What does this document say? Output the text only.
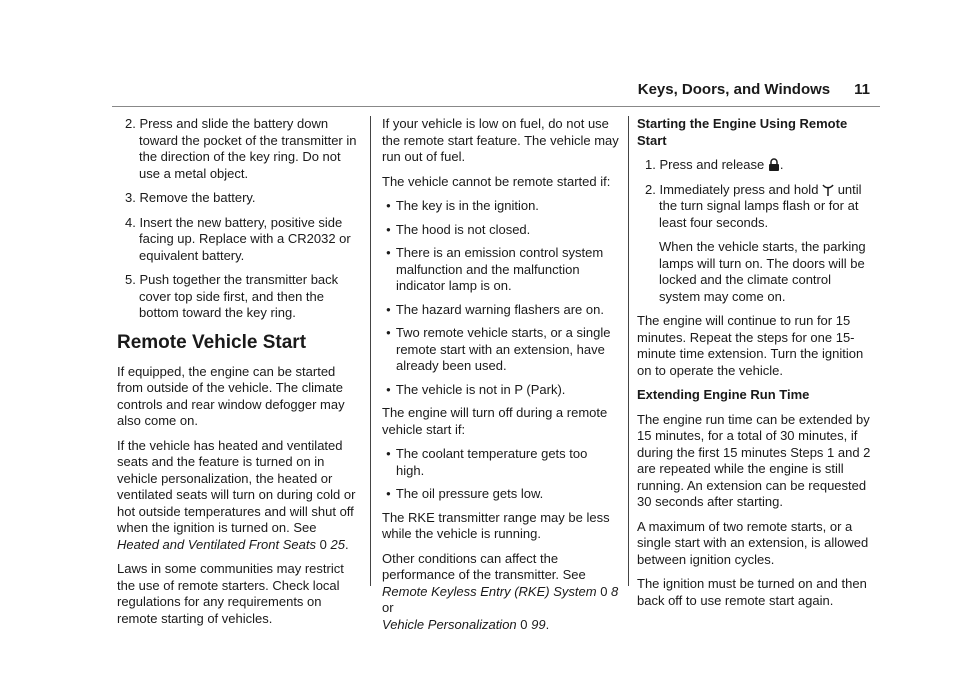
Keys, Doors, and Windows 11

2. Press and slide the battery down toward the pocket of the transmitter in the direction of the key ring. Do not use a metal object.

3. Remove the battery.

4. Insert the new battery, positive side facing up. Replace with a CR2032 or equivalent battery.

5. Push together the transmitter back cover top side first, and then the bottom toward the key ring.

Remote Vehicle Start

If equipped, the engine can be started from outside of the vehicle. The climate controls and rear window defogger may also come on.

If the vehicle has heated and ventilated seats and the feature is turned on in vehicle personalization, the heated or ventilated seats will turn on during cold or hot outside temperatures and will shut off when the ignition is turned on. See Heated and Ventilated Front Seats 0 25.

Laws in some communities may restrict the use of remote starters. Check local regulations for any requirements on remote starting of vehicles.

If your vehicle is low on fuel, do not use the remote start feature. The vehicle may run out of fuel.

The vehicle cannot be remote started if:

● The key is in the ignition.

● The hood is not closed.

● There is an emission control system malfunction and the malfunction indicator lamp is on.

● The hazard warning flashers are on.

● Two remote vehicle starts, or a single remote start with an extension, have already been used.

● The vehicle is not in P (Park).

The engine will turn off during a remote vehicle start if:

● The coolant temperature gets too high.

● The oil pressure gets low.

The RKE transmitter range may be less while the vehicle is running.

Other conditions can affect the performance of the transmitter. See Remote Keyless Entry (RKE) System 0 8 or
Vehicle Personalization 0 99.

Starting the Engine Using Remote Start

1. Press and release .

2. Immediately press and hold until the turn signal lamps flash or for at least four seconds.

When the vehicle starts, the parking lamps will turn on. The doors will be locked and the climate control system may come on.

The engine will continue to run for 15 minutes. Repeat the steps for one 15-minute time extension. Turn the ignition on to operate the vehicle.

Extending Engine Run Time

The engine run time can be extended by 15 minutes, for a total of 30 minutes, if during the first 15 minutes Steps 1 and 2 are repeated while the engine is still running. An extension can be requested 30 seconds after starting.

A maximum of two remote starts, or a single start with an extension, is allowed between ignition cycles.

The ignition must be turned on and then back off to use remote start again.
